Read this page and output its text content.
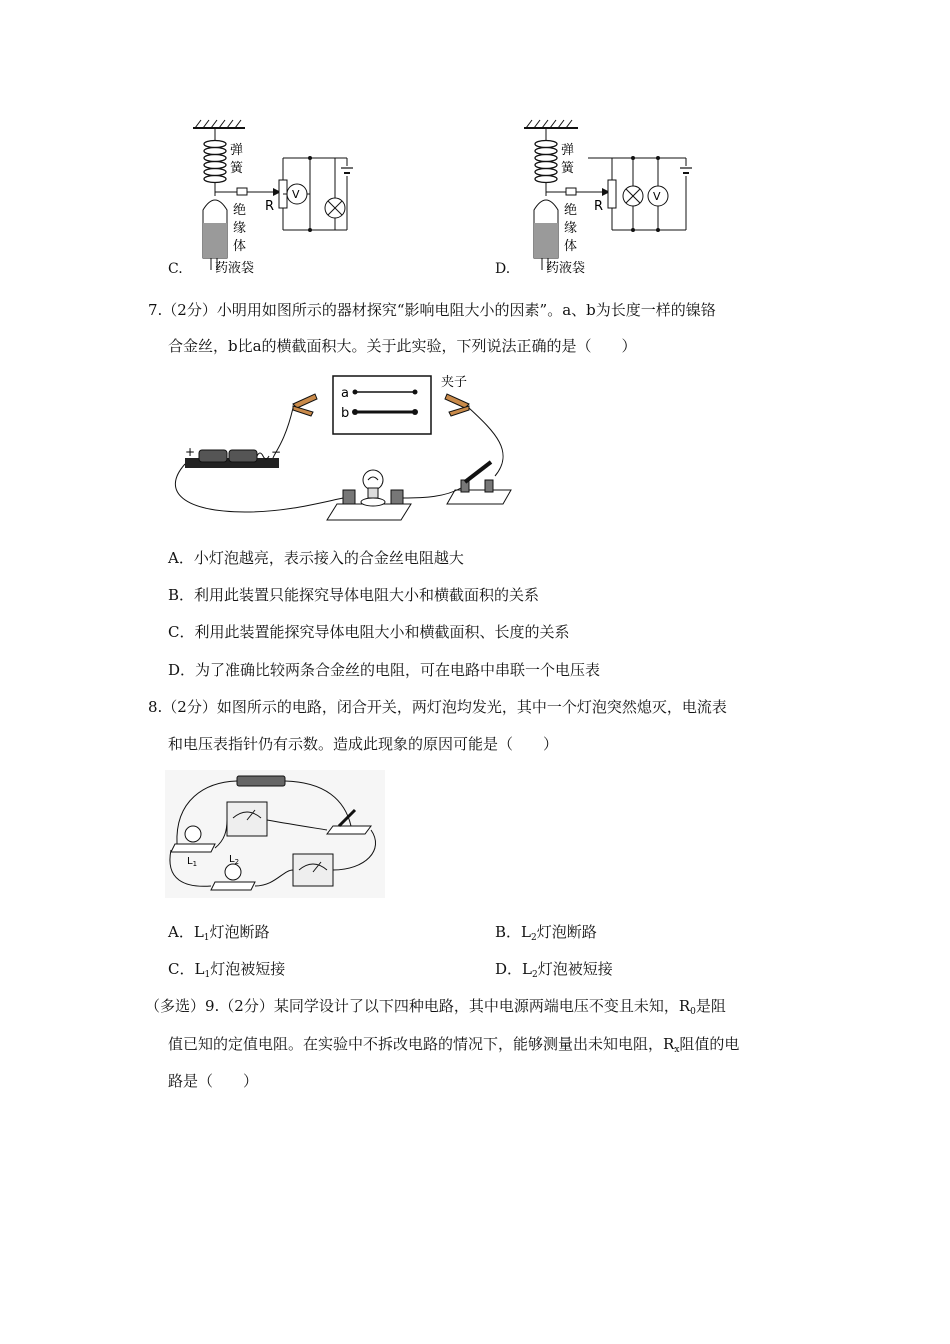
弹
簧
绝
缘
体
药液袋
R
V
C.
弹
簧
绝
缘
体
药液袋
R
V
D.
7.（2分）小明用如图所示的器材探究“影响电阻大小的因素”。a、b为长度一样的镍铬
合金丝，b比a的横截面积大。关于此实验，下列说法正确的是（　　）
a
b
夹子
+	−
A．小灯泡越亮，表示接入的合金丝电阻越大
B．利用此装置只能探究导体电阻大小和横截面积的关系
C．利用此装置能探究导体电阻大小和横截面积、长度的关系
D．为了准确比较两条合金丝的电阻，可在电路中串联一个电压表
8.（2分）如图所示的电路，闭合开关，两灯泡均发光，其中一个灯泡突然熄灭，电流表
和电压表指针仍有示数。造成此现象的原因可能是（　　）
$L_1$	$L_2$
A．$L_1$灯泡断路	B．$L_2$灯泡断路
C．$L_1$灯泡被短接	D．$L_2$灯泡被短接
（多选）9.（2分）某同学设计了以下四种电路，其中电源两端电压不变且未知，$R_0$是阻
值已知的定值电阻。在实验中不拆改电路的情况下，能够测量出未知电阻，$R_x$阻值的电
路是（　　）
